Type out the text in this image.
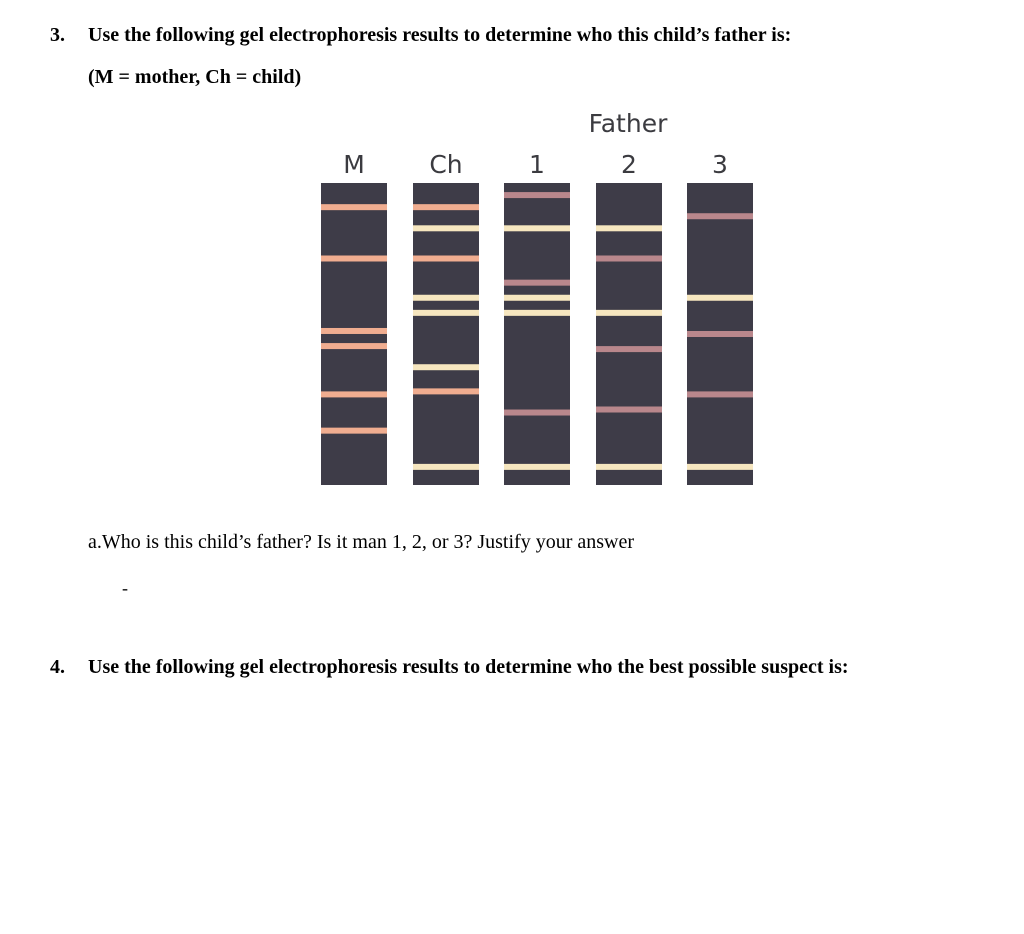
3. Use the following gel electrophoresis results to determine who this child’s father is:
(M = mother, Ch = child)
Father
M	Ch	1	2	3
a.Who is this child’s father? Is it man 1, 2, or 3? Justify your answer
-
4. Use the following gel electrophoresis results to determine who the best possible suspect is:
